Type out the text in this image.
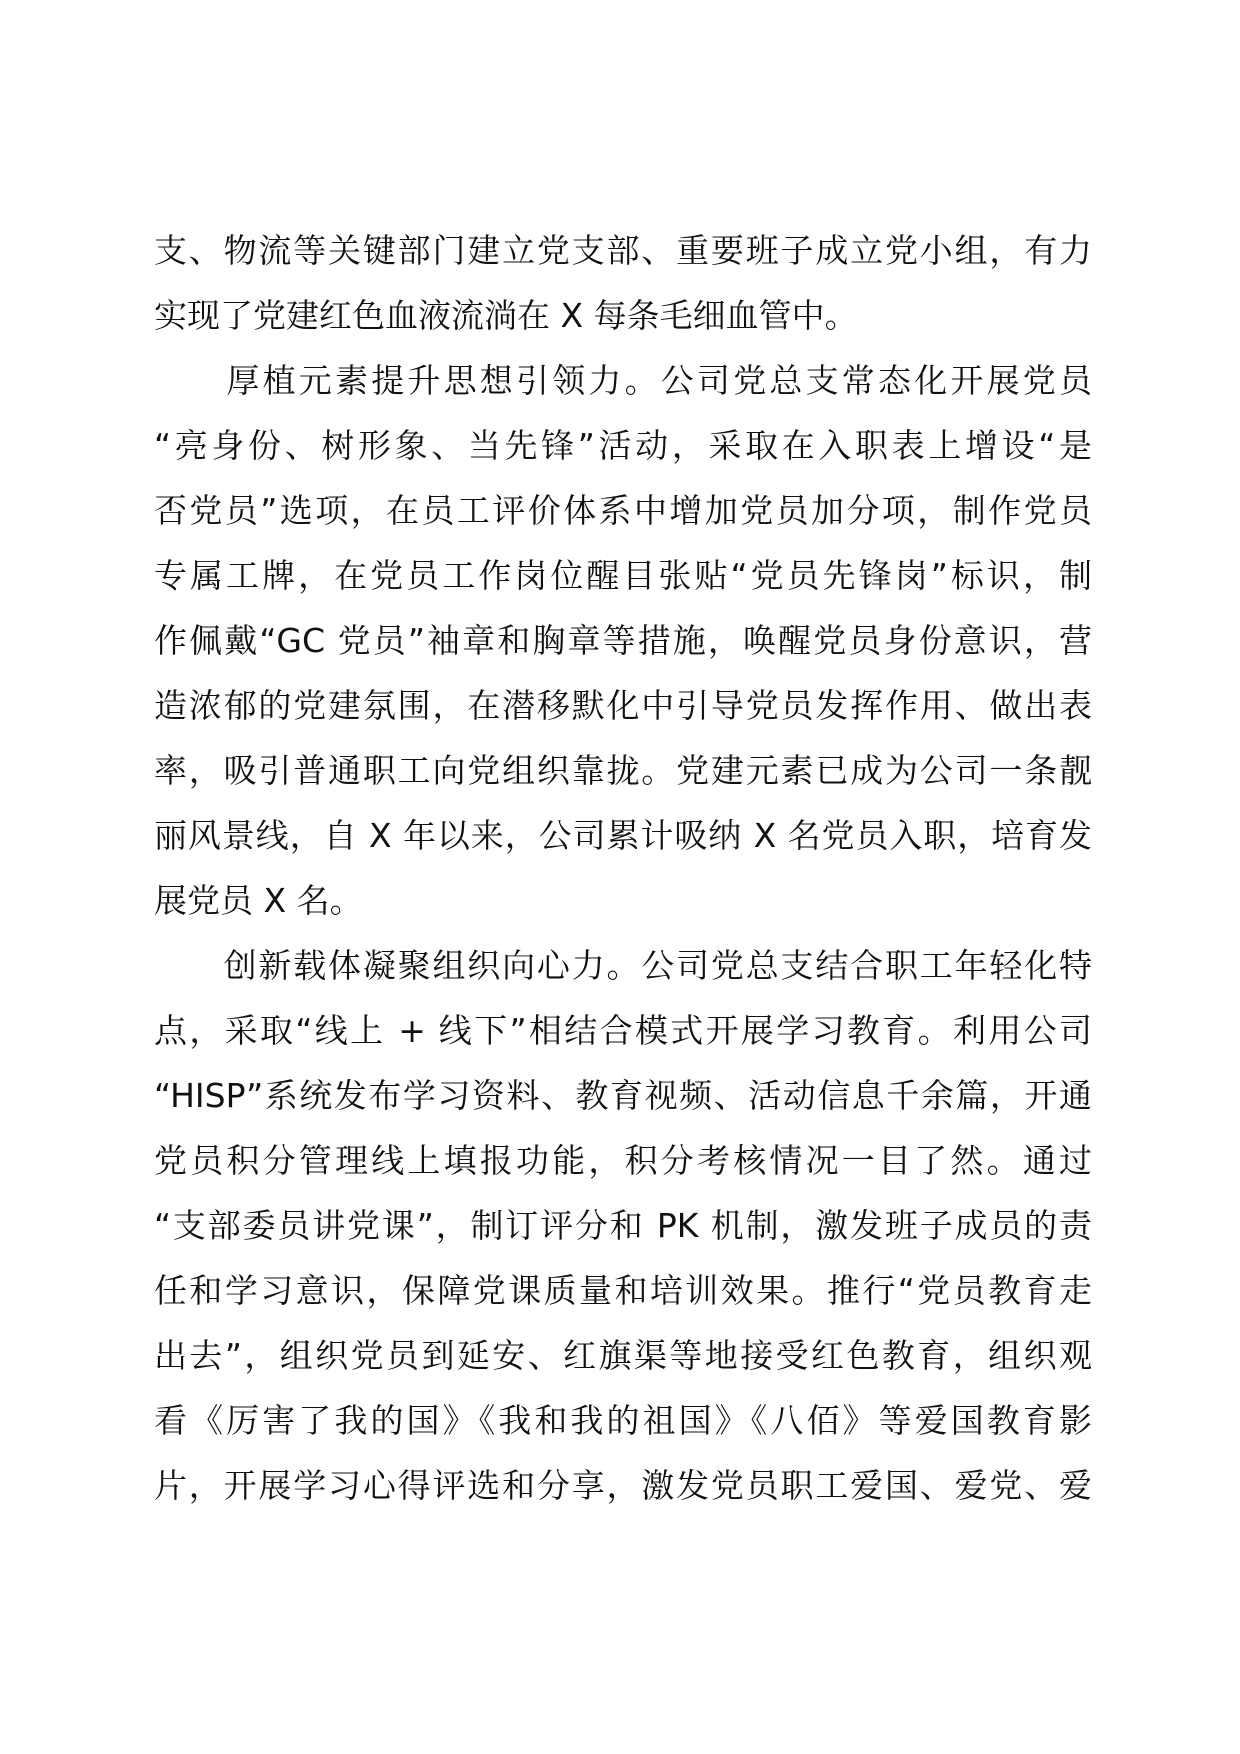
支、物流等关键部门建立党支部、重要班子成立党小组，有力
实现了党建红色血液流淌在 X 每条毛细血管中。
　　厚植元素提升思想引领力。公司党总支常态化开展党员
“亮身份、树形象、当先锋”活动，采取在入职表上增设“是
否党员”选项，在员工评价体系中增加党员加分项，制作党员
专属工牌，在党员工作岗位醒目张贴“党员先锋岗”标识，制
作佩戴“GC 党员”袖章和胸章等措施，唤醒党员身份意识，营
造浓郁的党建氛围，在潜移默化中引导党员发挥作用、做出表
率，吸引普通职工向党组织靠拢。党建元素已成为公司一条靓
丽风景线，自 X 年以来，公司累计吸纳 X 名党员入职，培育发
展党员 X 名。
　　创新载体凝聚组织向心力。公司党总支结合职工年轻化特
点，采取“线上 + 线下”相结合模式开展学习教育。利用公司
“HISP”系统发布学习资料、教育视频、活动信息千余篇，开通
党员积分管理线上填报功能，积分考核情况一目了然。通过
“支部委员讲党课”，制订评分和 PK 机制，激发班子成员的责
任和学习意识，保障党课质量和培训效果。推行“党员教育走
出去”，组织党员到延安、红旗渠等地接受红色教育，组织观
看《厉害了我的国》《我和我的祖国》《八佰》等爱国教育影
片，开展学习心得评选和分享，激发党员职工爱国、爱党、爱
